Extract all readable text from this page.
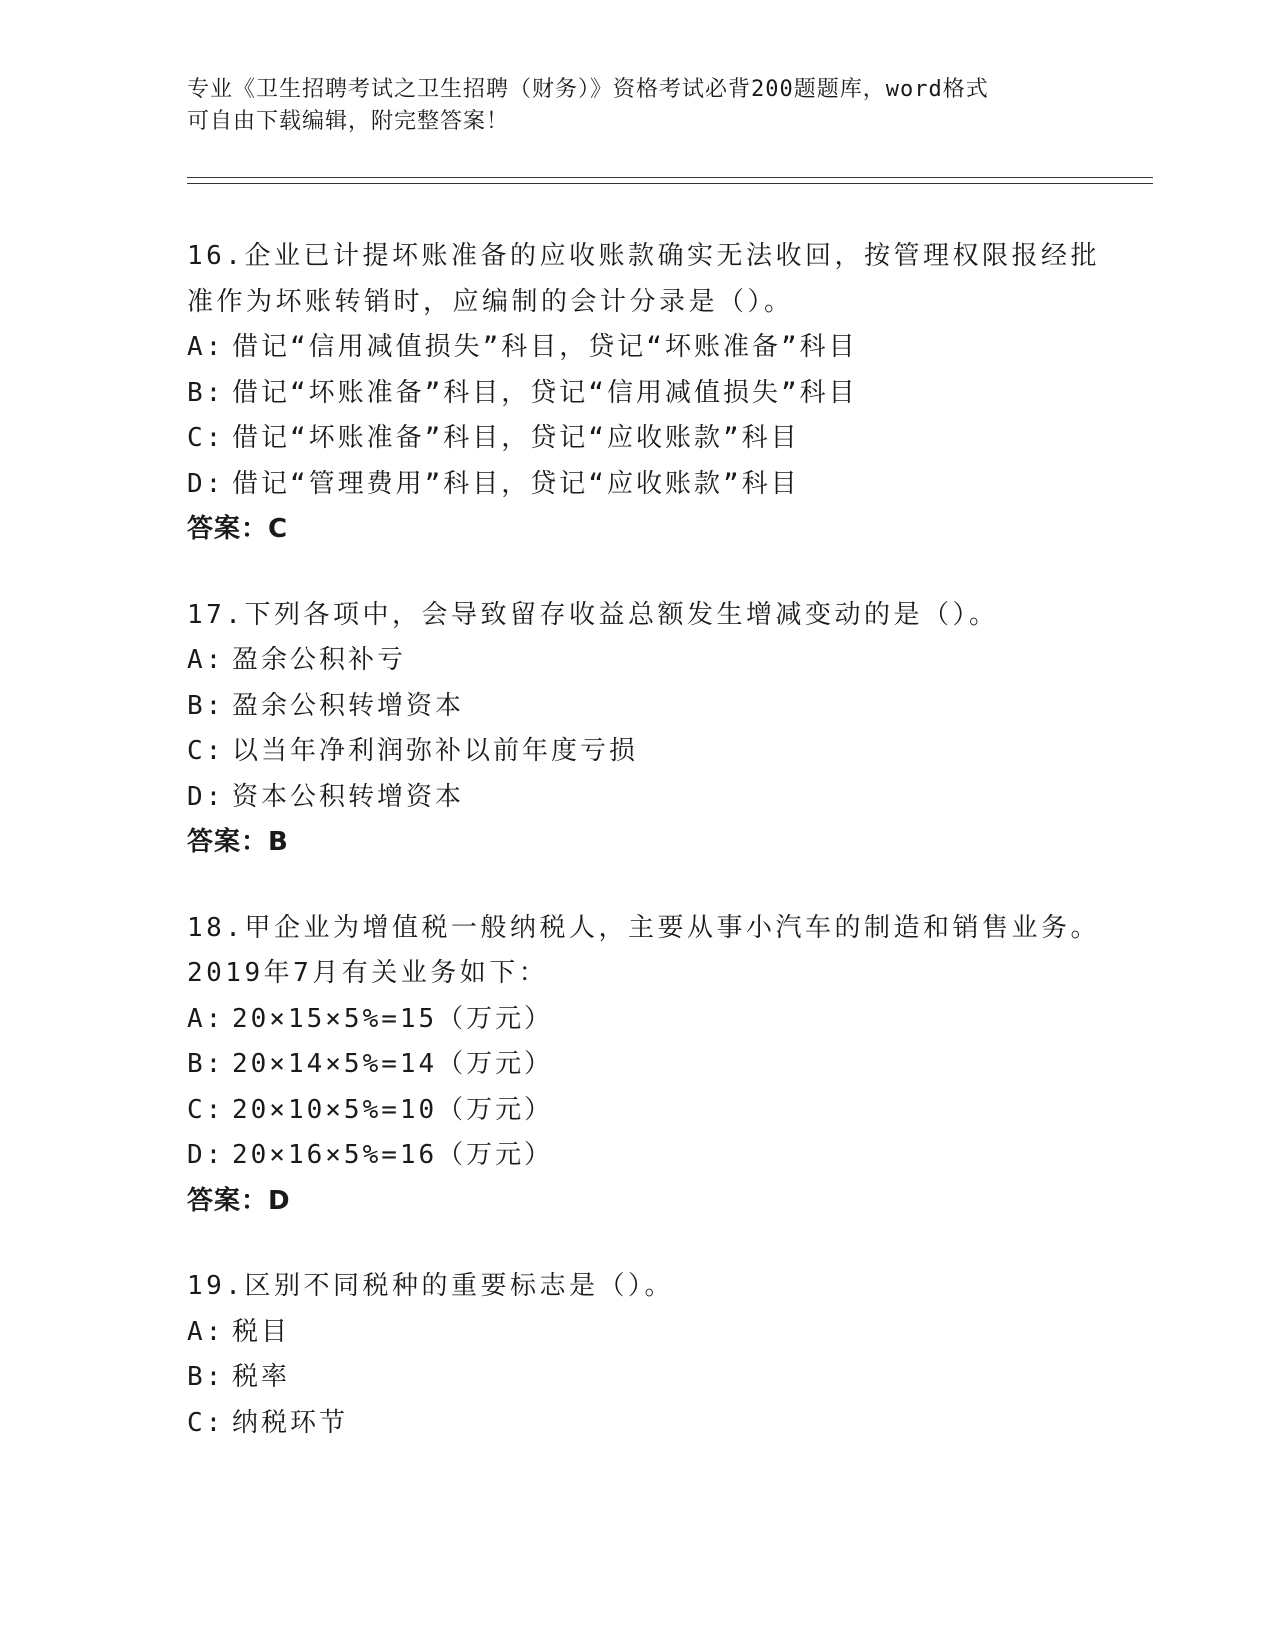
专业《卫生招聘考试之卫生招聘（财务）》资格考试必背200题题库，word格式
可自由下载编辑，附完整答案！
16.企业已计提坏账准备的应收账款确实无法收回，按管理权限报经批
准作为坏账转销时，应编制的会计分录是（）。
A: 借记“信用减值损失”科目，贷记“坏账准备”科目
B: 借记“坏账准备”科目，贷记“信用减值损失”科目
C: 借记“坏账准备”科目，贷记“应收账款”科目
D: 借记“管理费用”科目，贷记“应收账款”科目
答案：C
17.下列各项中，会导致留存收益总额发生增减变动的是（）。
A: 盈余公积补亏
B: 盈余公积转增资本
C: 以当年净利润弥补以前年度亏损
D: 资本公积转增资本
答案：B
18.甲企业为增值税一般纳税人，主要从事小汽车的制造和销售业务。
2019年7月有关业务如下：
A: 20×15×5%=15（万元）
B: 20×14×5%=14（万元）
C: 20×10×5%=10（万元）
D: 20×16×5%=16（万元）
答案：D
19.区别不同税种的重要标志是（）。
A: 税目
B: 税率
C: 纳税环节
